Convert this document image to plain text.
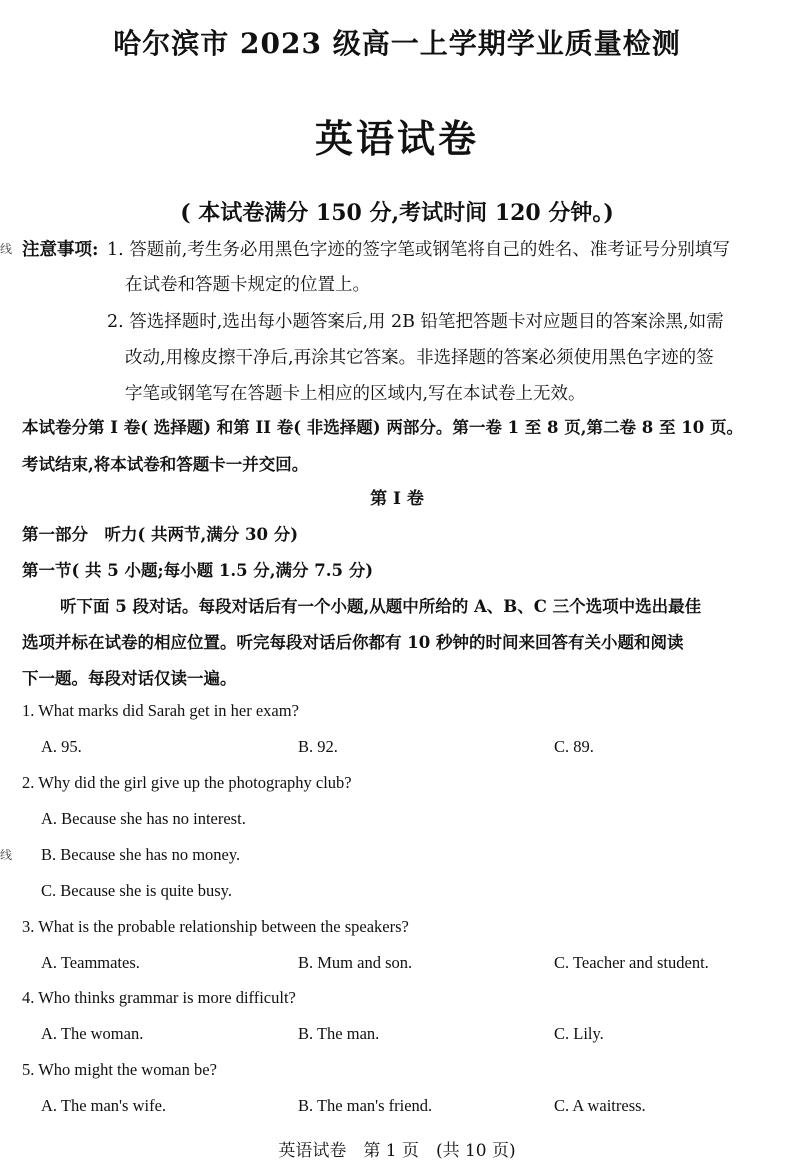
哈尔滨市 2023 级高一上学期学业质量检测
英语试卷
( 本试卷满分 150 分,考试时间 120 分钟。)
注意事项: 1. 答题前,考生务必用黑色字迹的签字笔或钢笔将自己的姓名、准考证号分别填写
在试卷和答题卡规定的位置上。
2. 答选择题时,选出每小题答案后,用 2B 铅笔把答题卡对应题目的答案涂黑,如需
改动,用橡皮擦干净后,再涂其它答案。非选择题的答案必须使用黑色字迹的签
字笔或钢笔写在答题卡上相应的区域内,写在本试卷上无效。
本试卷分第 I 卷( 选择题) 和第 II 卷( 非选择题) 两部分。第一卷 1 至 8 页,第二卷 8 至 10 页。
考试结束,将本试卷和答题卡一并交回。
第 I 卷
第一部分　听力( 共两节,满分 30 分)
第一节( 共 5 小题;每小题 1.5 分,满分 7.5 分)
听下面 5 段对话。每段对话后有一个小题,从题中所给的 A、B、C 三个选项中选出最佳
选项并标在试卷的相应位置。听完每段对话后你都有 10 秒钟的时间来回答有关小题和阅读
下一题。每段对话仅读一遍。
1. What marks did Sarah get in her exam?
A. 95.	B. 92.	C. 89.
2. Why did the girl give up the photography club?
A. Because she has no interest.
B. Because she has no money.
C. Because she is quite busy.
3. What is the probable relationship between the speakers?
A. Teammates.	B. Mum and son.	C. Teacher and student.
4. Who thinks grammar is more difficult?
A. The woman.	B. The man.	C. Lily.
5. Who might the woman be?
A. The man's wife.	B. The man's friend.	C. A waitress.
英语试卷　第 1 页　(共 10 页)
线
线
